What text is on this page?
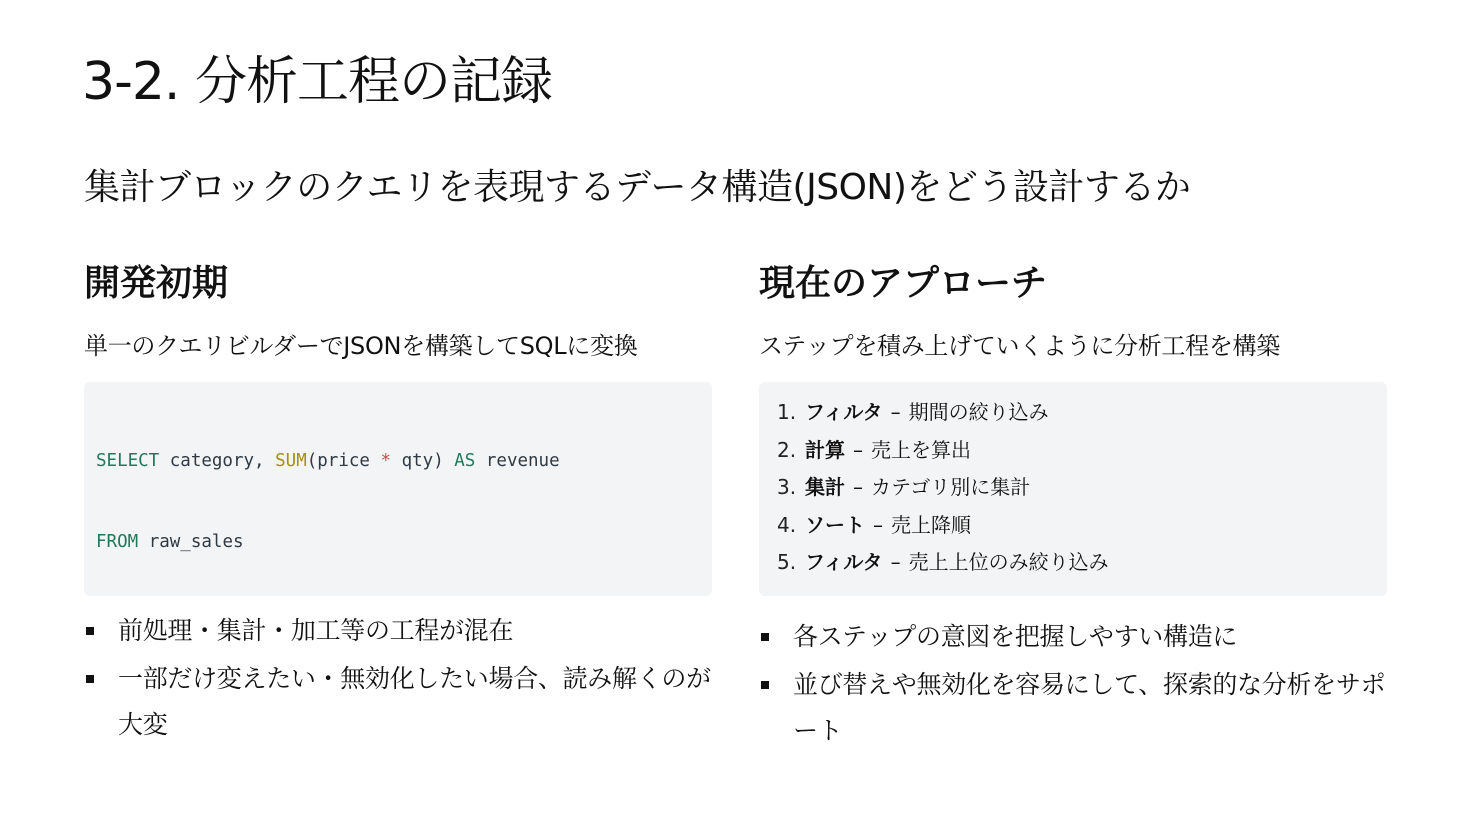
3-2. 分析工程の記録
集計ブロックのクエリを表現するデータ構造(JSON)をどう設計するか
開発初期
単一のクエリビルダーでJSONを構築してSQLに変換

SELECT category, SUM(price * qty) AS revenue

FROM raw_sales

前処理・集計・加工等の工程が混在
一部だけ変えたい・無効化したい場合、読み解くのが大変
現在のアプローチ
ステップを積み上げていくように分析工程を構築
1. フィルタ – 期間の絞り込み
2. 計算 – 売上を算出
3. 集計 – カテゴリ別に集計
4. ソート – 売上降順
5. フィルタ – 売上上位のみ絞り込み
各ステップの意図を把握しやすい構造に
並び替えや無効化を容易にして、探索的な分析をサポート
